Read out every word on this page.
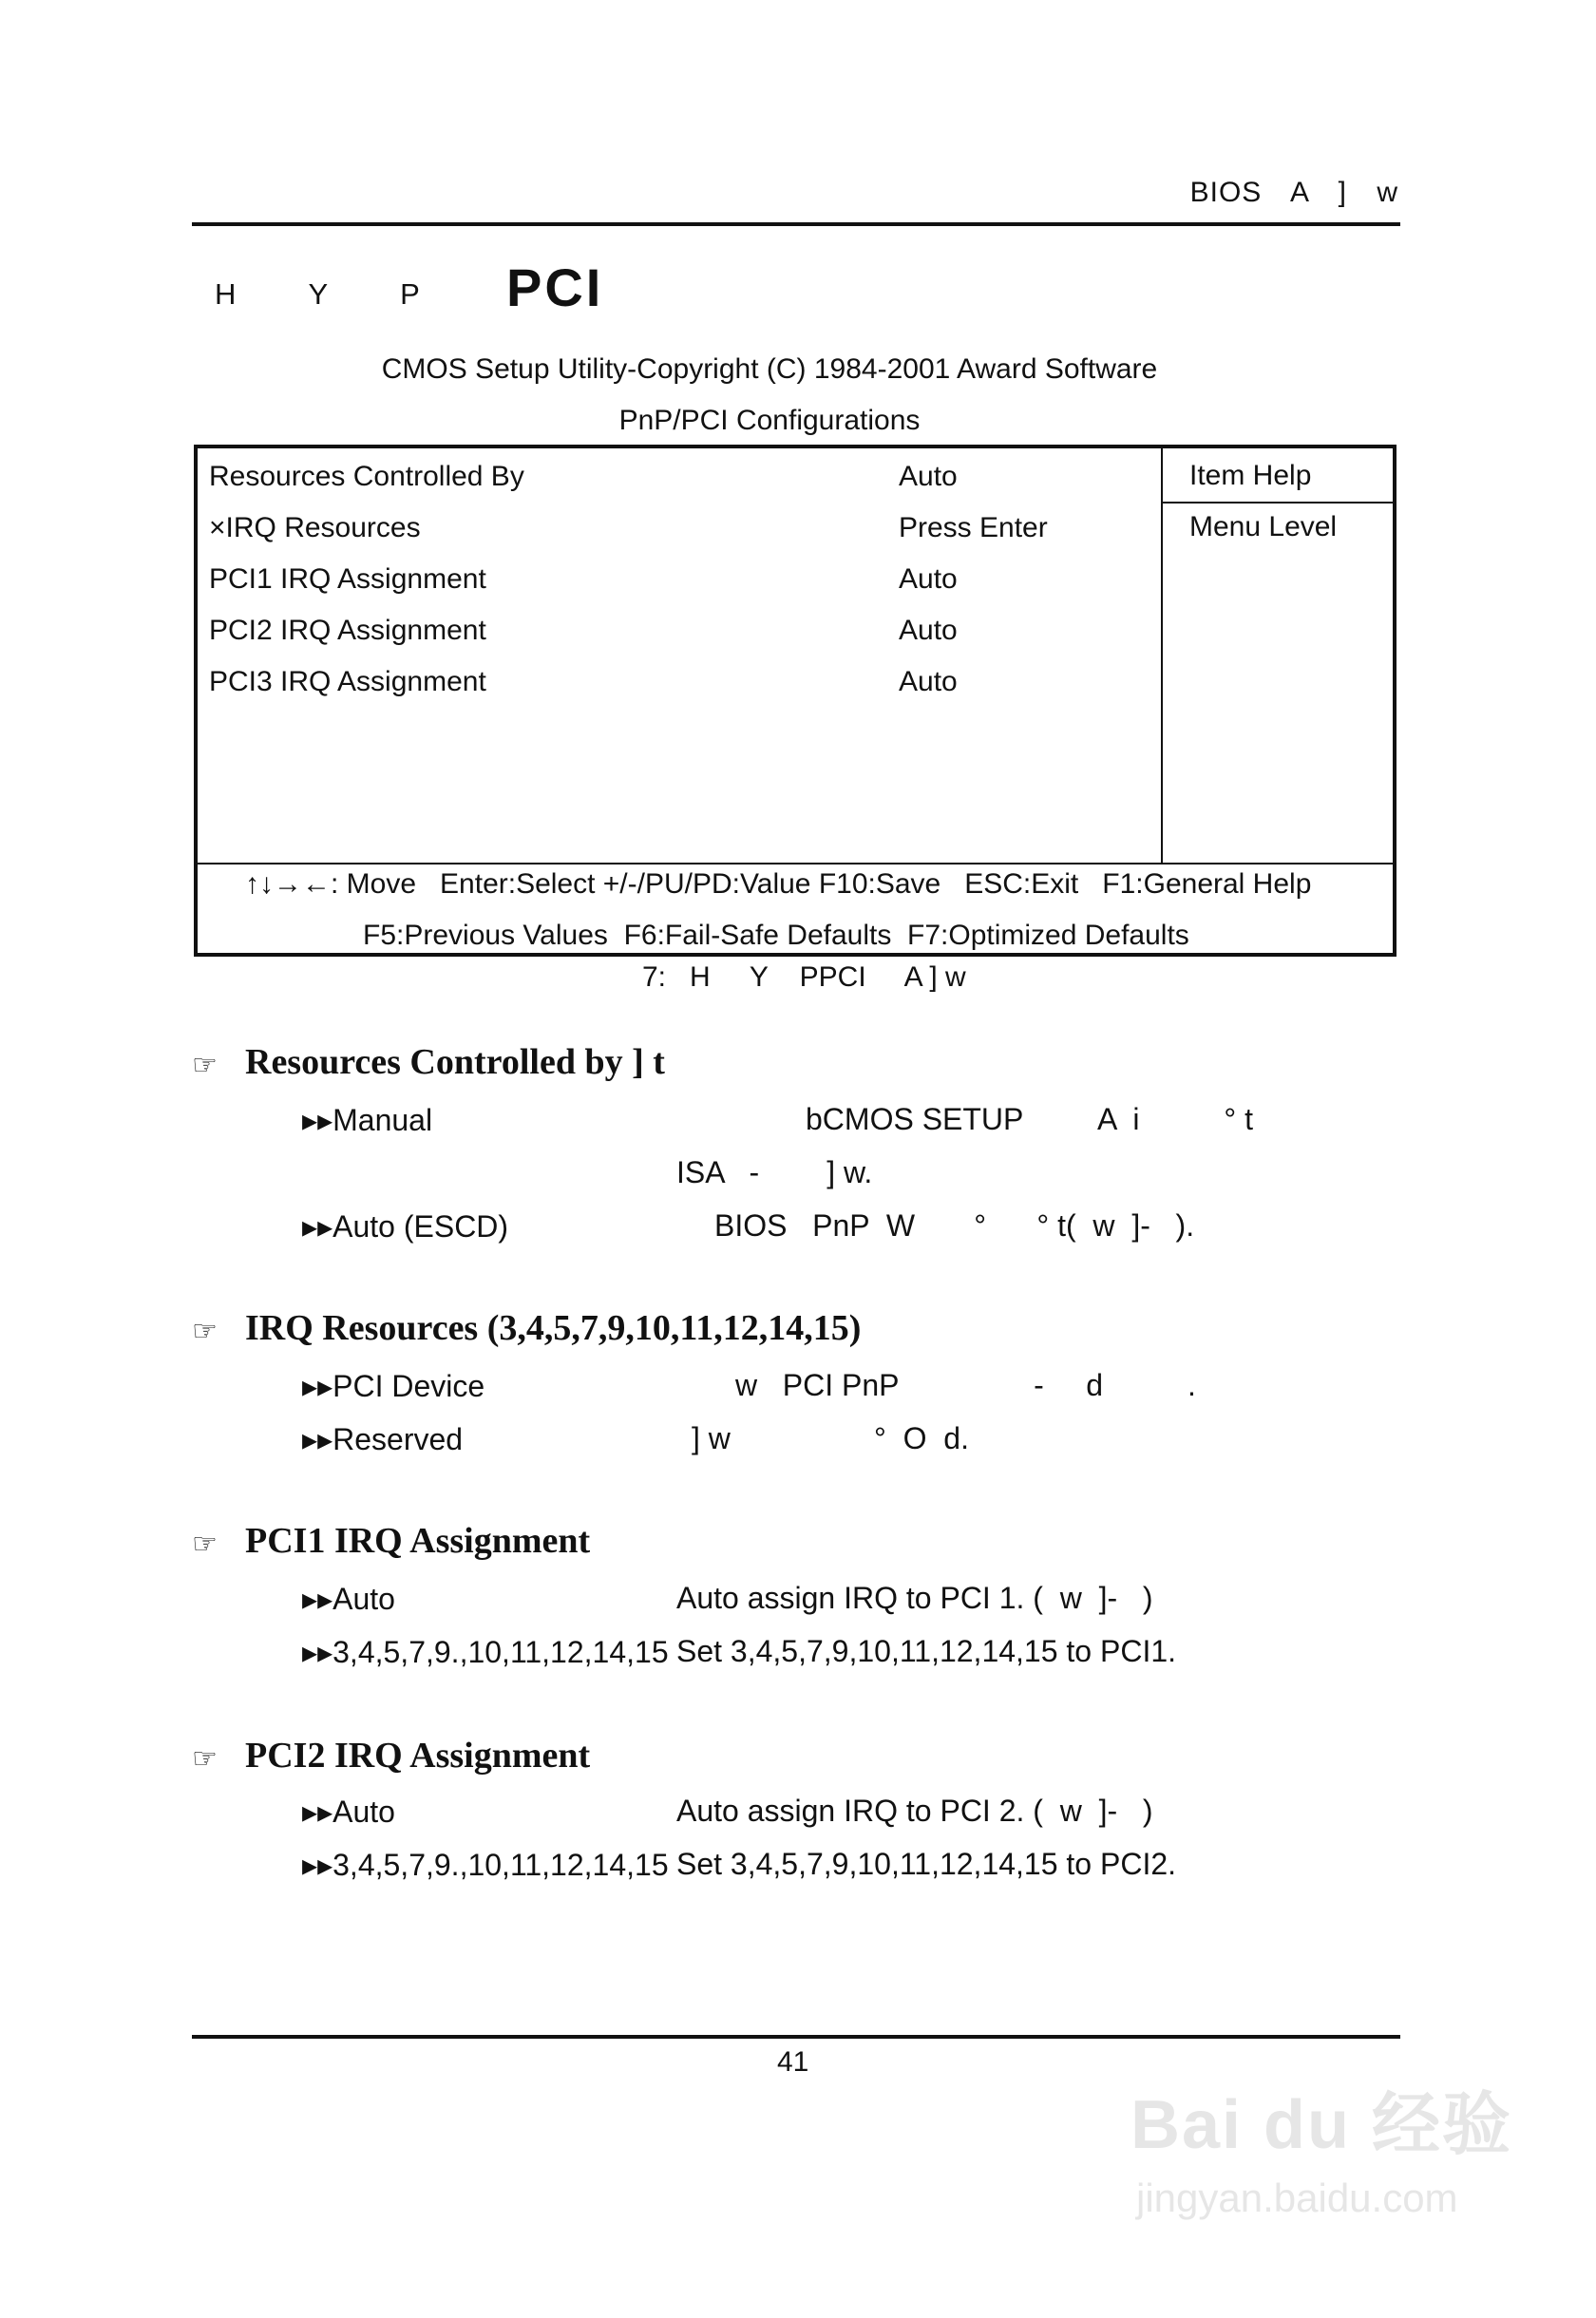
BIOS A ] w
H Y P PCI
CMOS Setup Utility-Copyright (C) 1984-2001 Award Software
PnP/PCI Configurations
Resources Controlled By	Auto
×IRQ Resources	Press Enter
PCI1 IRQ Assignment	Auto
PCI2 IRQ Assignment	Auto
PCI3 IRQ Assignment	Auto
Item Help
Menu Level
↑↓→←: Move   Enter:Select +/-/PU/PD:Value F10:Save   ESC:Exit   F1:General Help
F5:Previous Values  F6:Fail-Safe Defaults  F7:Optimized Defaults
7:   H     Y    PPCI     A ] w
☞ Resources Controlled by ] t
▸▸Manual	bCMOS SETUP         A  i          ° t
ISA   -        ] w.
▸▸Auto (ESCD)	BIOS   PnP  W       °      ° t(  w  ]-   ).
☞ IRQ Resources (3,4,5,7,9,10,11,12,14,15)
▸▸PCI Device	w   PCI PnP                -     d          .
▸▸Reserved	] w                 °  O  d.
☞ PCI1 IRQ Assignment
▸▸Auto	Auto assign IRQ to PCI 1. (  w  ]-   )
▸▸3,4,5,7,9.,10,11,12,14,15 Set 3,4,5,7,9,10,11,12,14,15 to PCI1.
☞ PCI2 IRQ Assignment
▸▸Auto	Auto assign IRQ to PCI 2. (  w  ]-   )
▸▸3,4,5,7,9.,10,11,12,14,15 Set 3,4,5,7,9,10,11,12,14,15 to PCI2.
41
Bai du 经验
jingyan.baidu.com
